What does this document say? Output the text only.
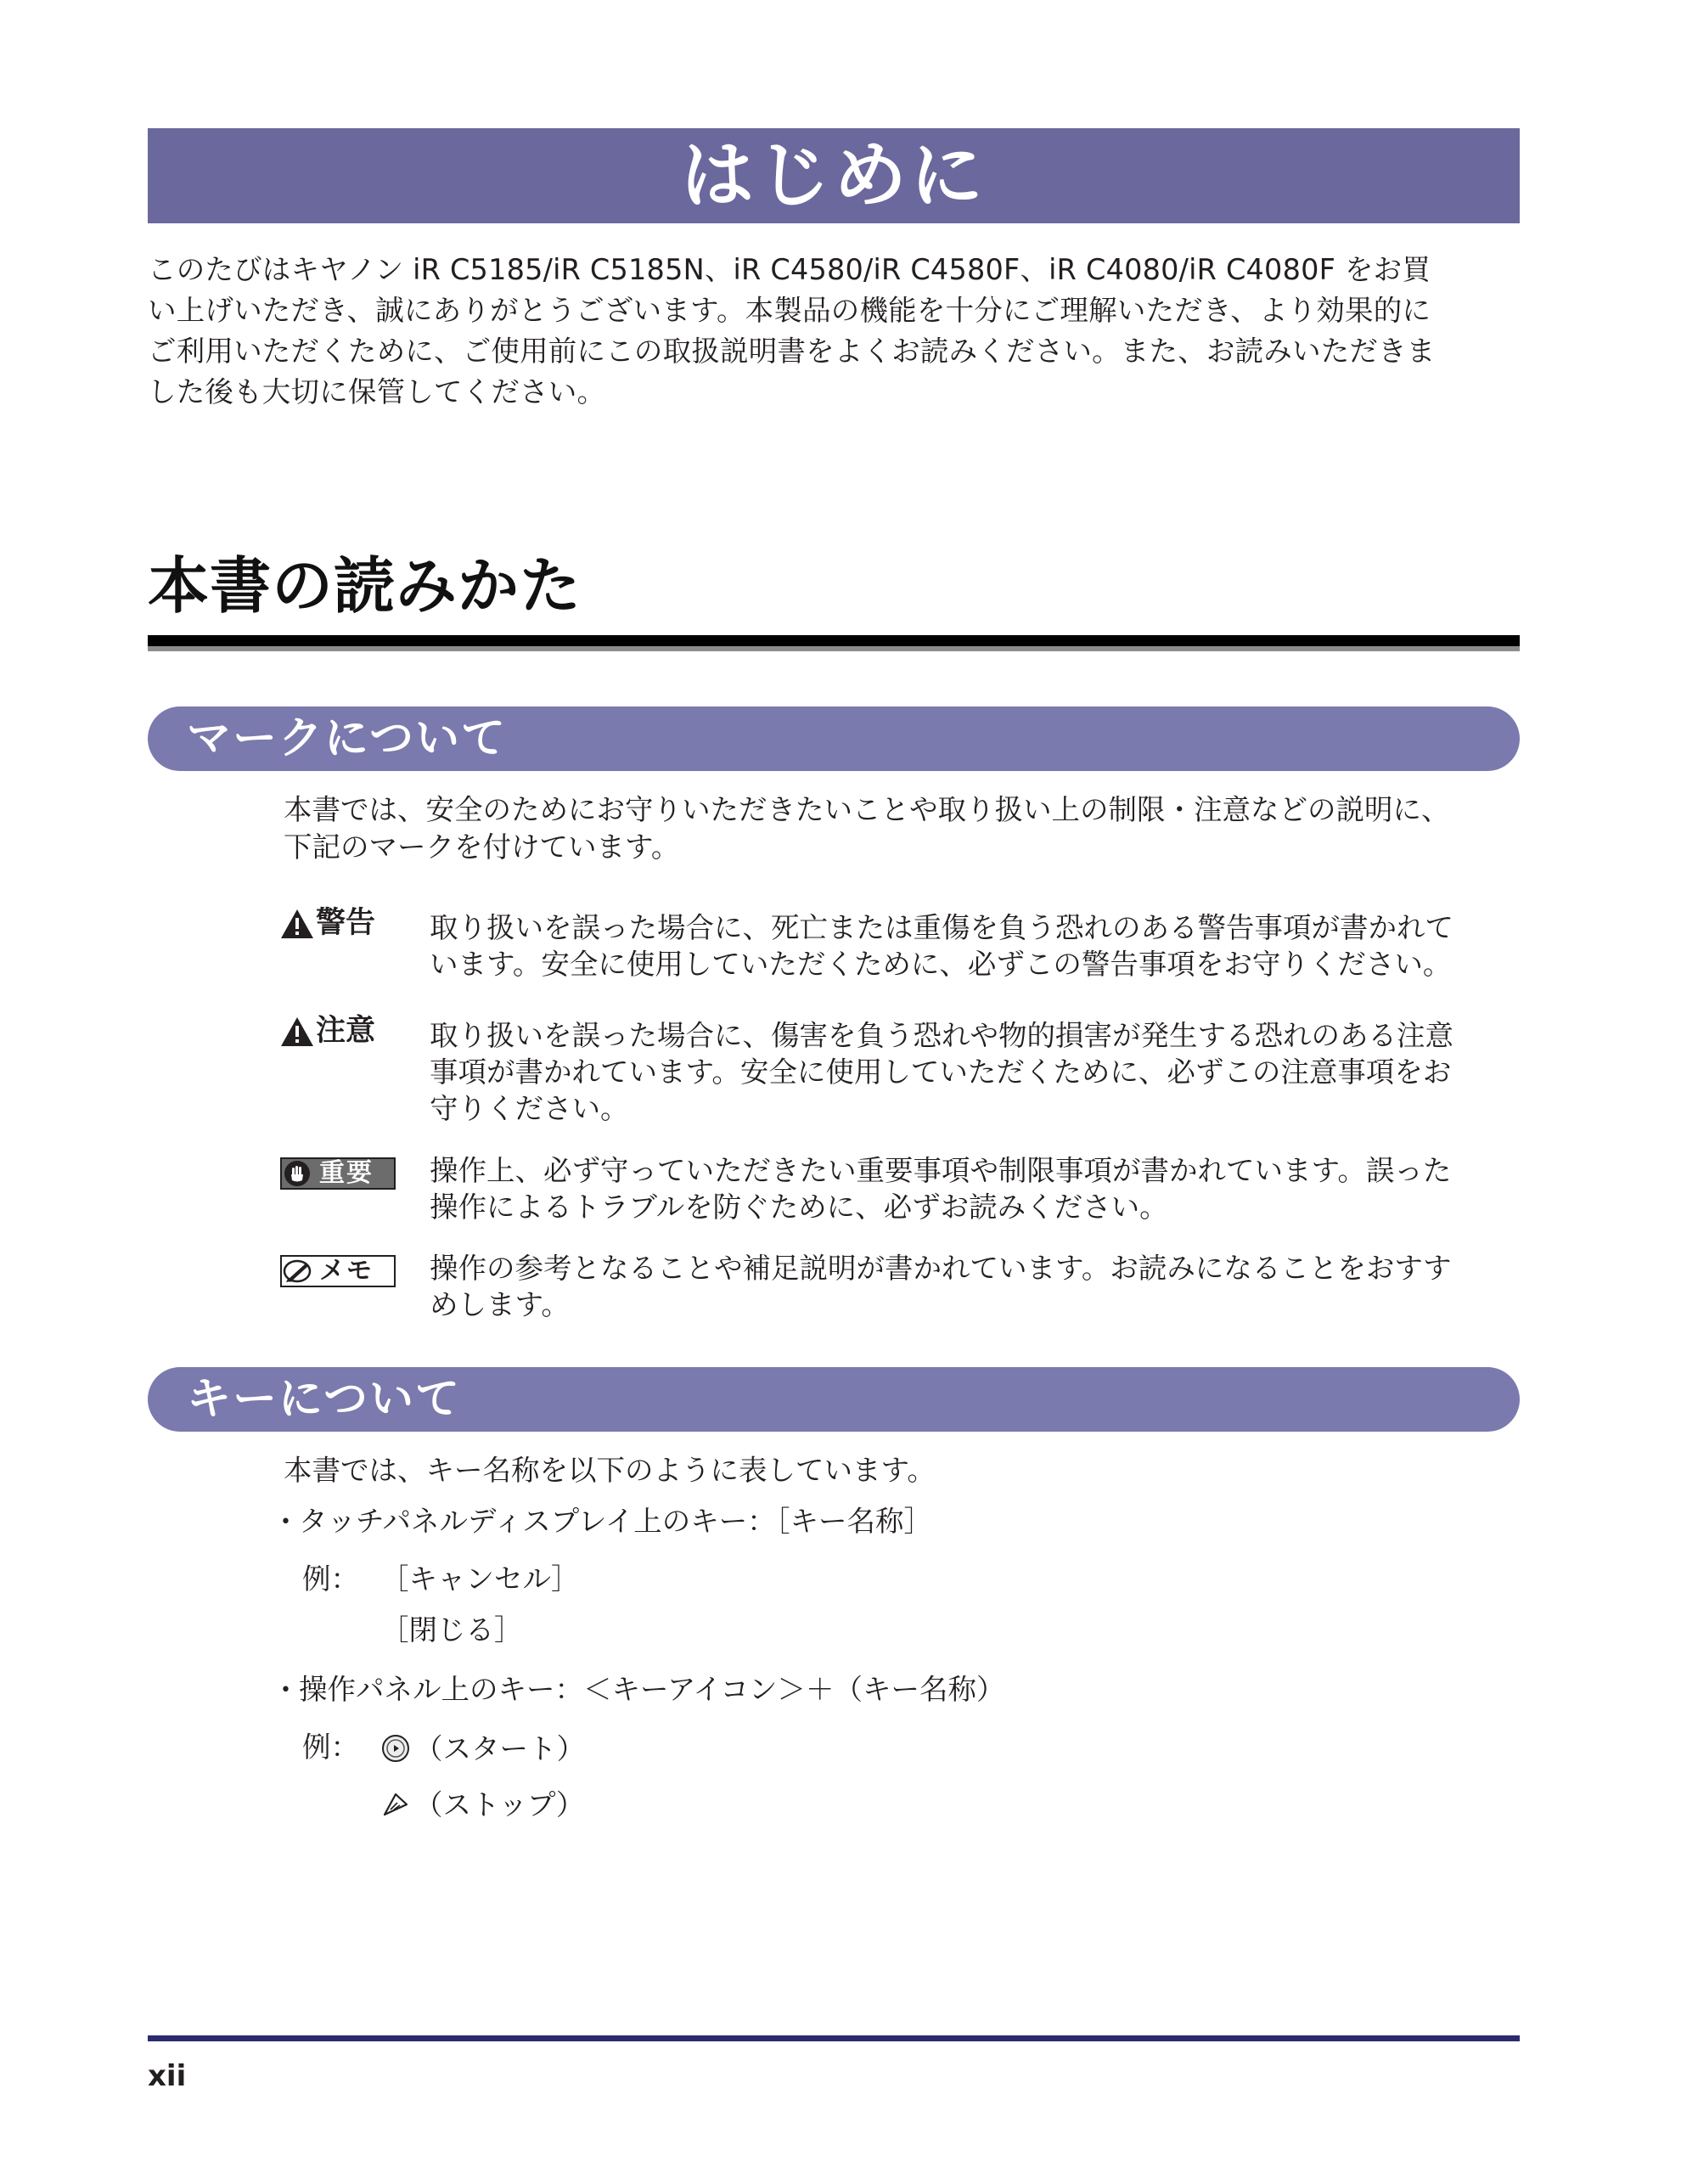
はじめに

このたびはキヤノン iR C5185/iR C5185N、iR C4580/iR C4580F、iR C4080/iR C4080F をお買

い上げいただき、誠にありがとうございます。本製品の機能を十分にご理解いただき、より効果的に

ご利用いただくために、ご使用前にこの取扱説明書をよくお読みください。また、お読みいただきま

した後も大切に保管してください。

本書の読みかた
マークについて

本書では、安全のためにお守りいただきたいことや取り扱い上の制限・注意などの説明に、

下記のマークを付けています。

警告 取り扱いを誤った場合に、死亡または重傷を負う恐れのある警告事項が書かれて

います。安全に使用していただくために、必ずこの警告事項をお守りください。

注意 取り扱いを誤った場合に、傷害を負う恐れや物的損害が発生する恐れのある注意

事項が書かれています。安全に使用していただくために、必ずこの注意事項をお

守りください。

重要 操作上、必ず守っていただきたい重要事項や制限事項が書かれています。誤った

操作によるトラブルを防ぐために、必ずお読みください。

メモ 操作の参考となることや補足説明が書かれています。お読みになることをおすす

めします。

キーについて

本書では、キー名称を以下のように表しています。

• タッチパネルディスプレイ上のキー：［キー名称］
例： ［キャンセル］
［閉じる］
• 操作パネル上のキー：＜キーアイコン＞＋（キー名称）
例：	（スタート）
（ストップ）
xii
